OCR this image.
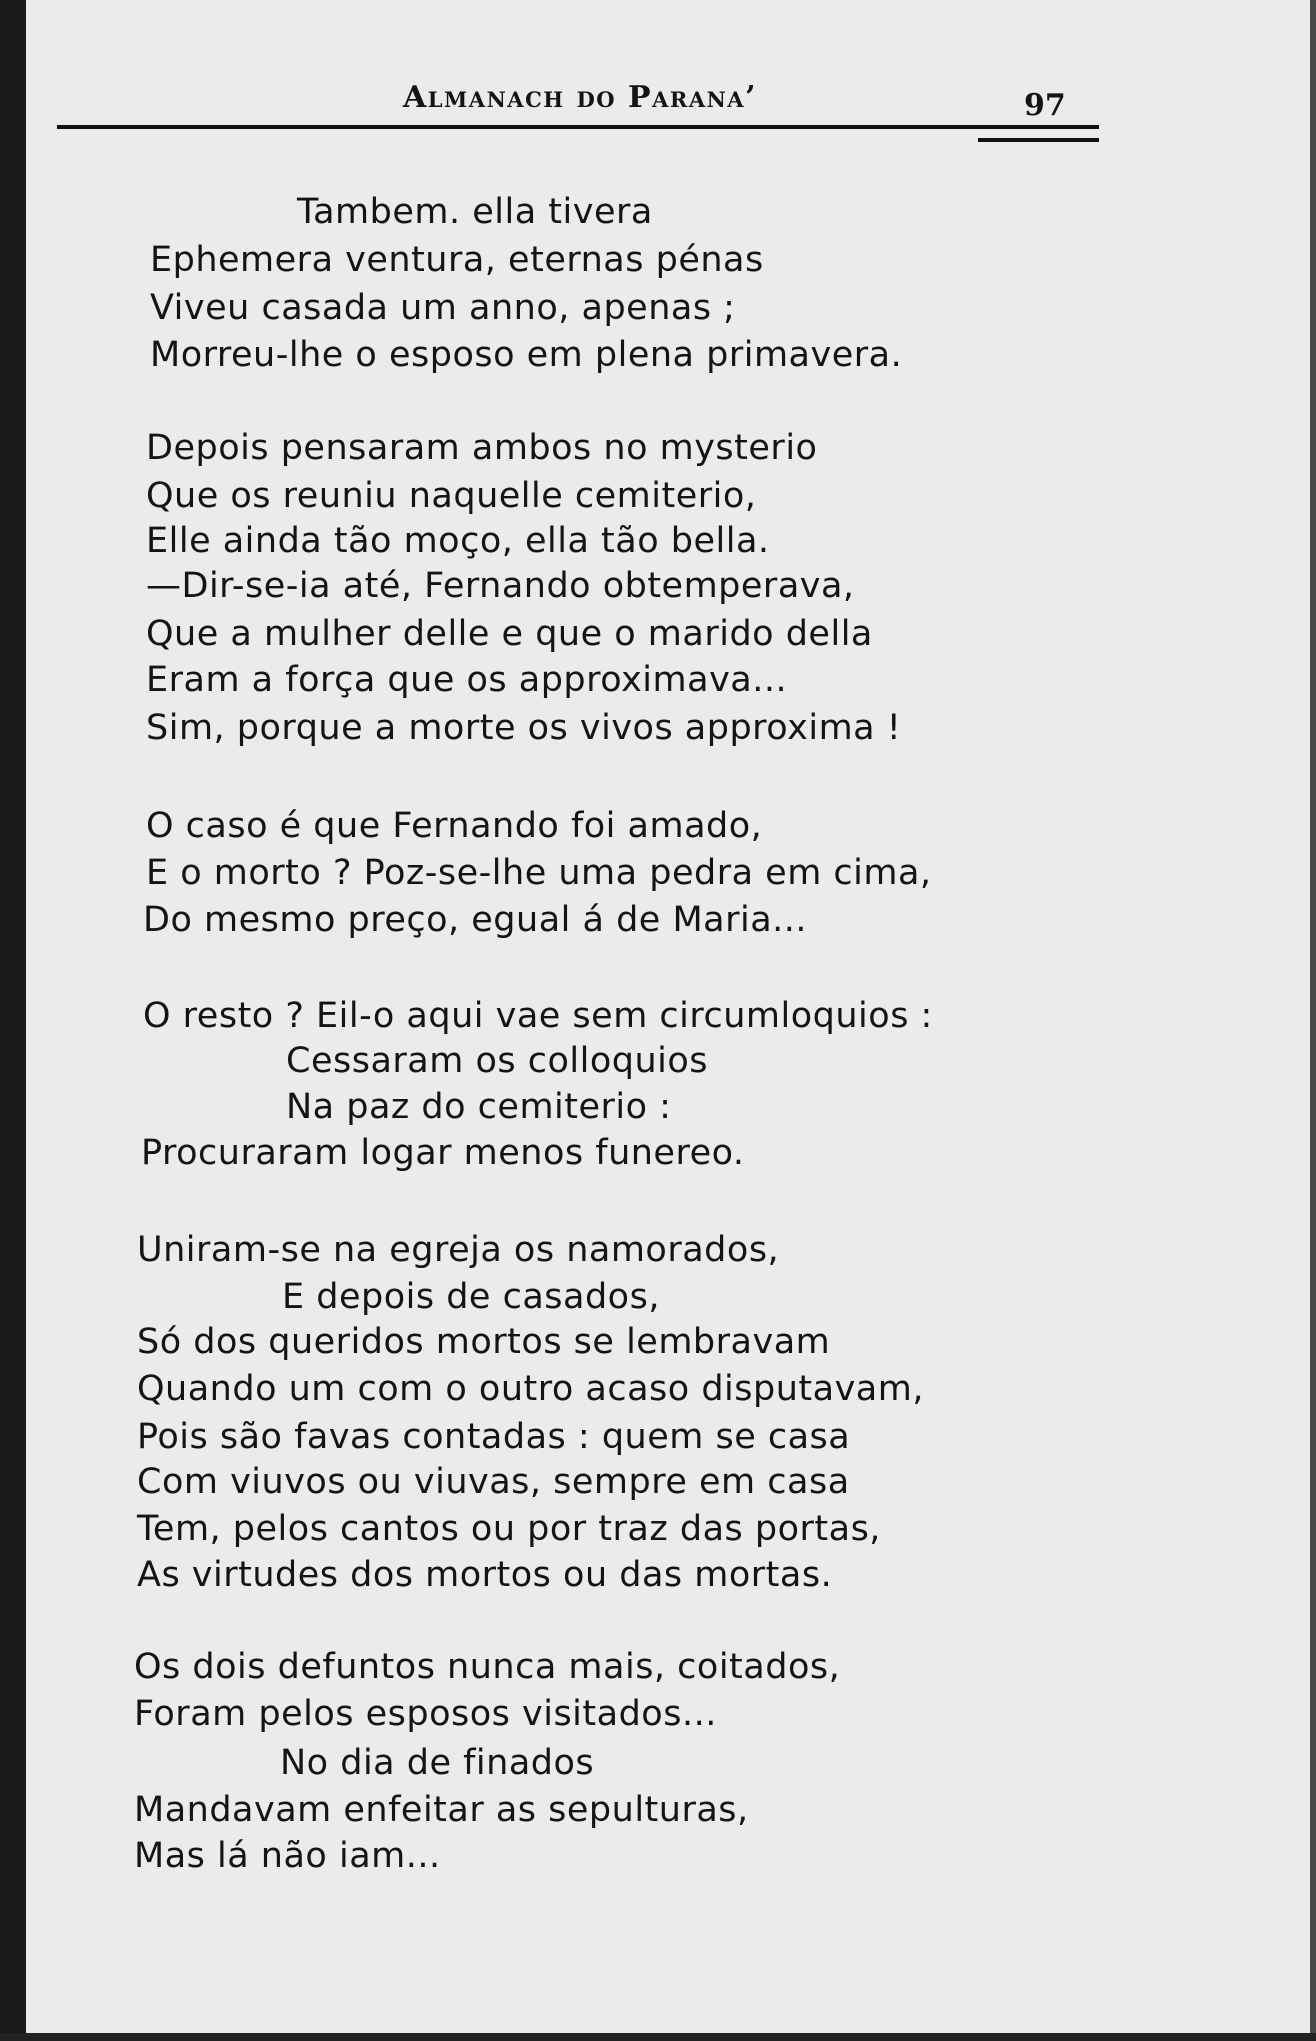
Almanach do Parana’	97
Tambem. ella tivera
Ephemera ventura, eternas pénas
Viveu casada um anno, apenas ;
Morreu-lhe o esposo em plena primavera.
Depois pensaram ambos no mysterio
Que os reuniu naquelle cemiterio,
Elle ainda tão moço, ella tão bella.
—Dir-se-ia até, Fernando obtemperava,
Que a mulher delle e que o marido della
Eram a força que os approximava...
Sim, porque a morte os vivos approxima !
O caso é que Fernando foi amado,
E o morto ? Poz-se-lhe uma pedra em cima,
Do mesmo preço, egual á de Maria...
O resto ? Eil-o aqui vae sem circumloquios :
Cessaram os colloquios
Na paz do cemiterio :
Procuraram logar menos funereo.
Uniram-se na egreja os namorados,
E depois de casados,
Só dos queridos mortos se lembravam
Quando um com o outro acaso disputavam,
Pois são favas contadas : quem se casa
Com viuvos ou viuvas, sempre em casa
Tem, pelos cantos ou por traz das portas,
As virtudes dos mortos ou das mortas.
Os dois defuntos nunca mais, coitados,
Foram pelos esposos visitados...
No dia de finados
Mandavam enfeitar as sepulturas,
Mas lá não iam...
